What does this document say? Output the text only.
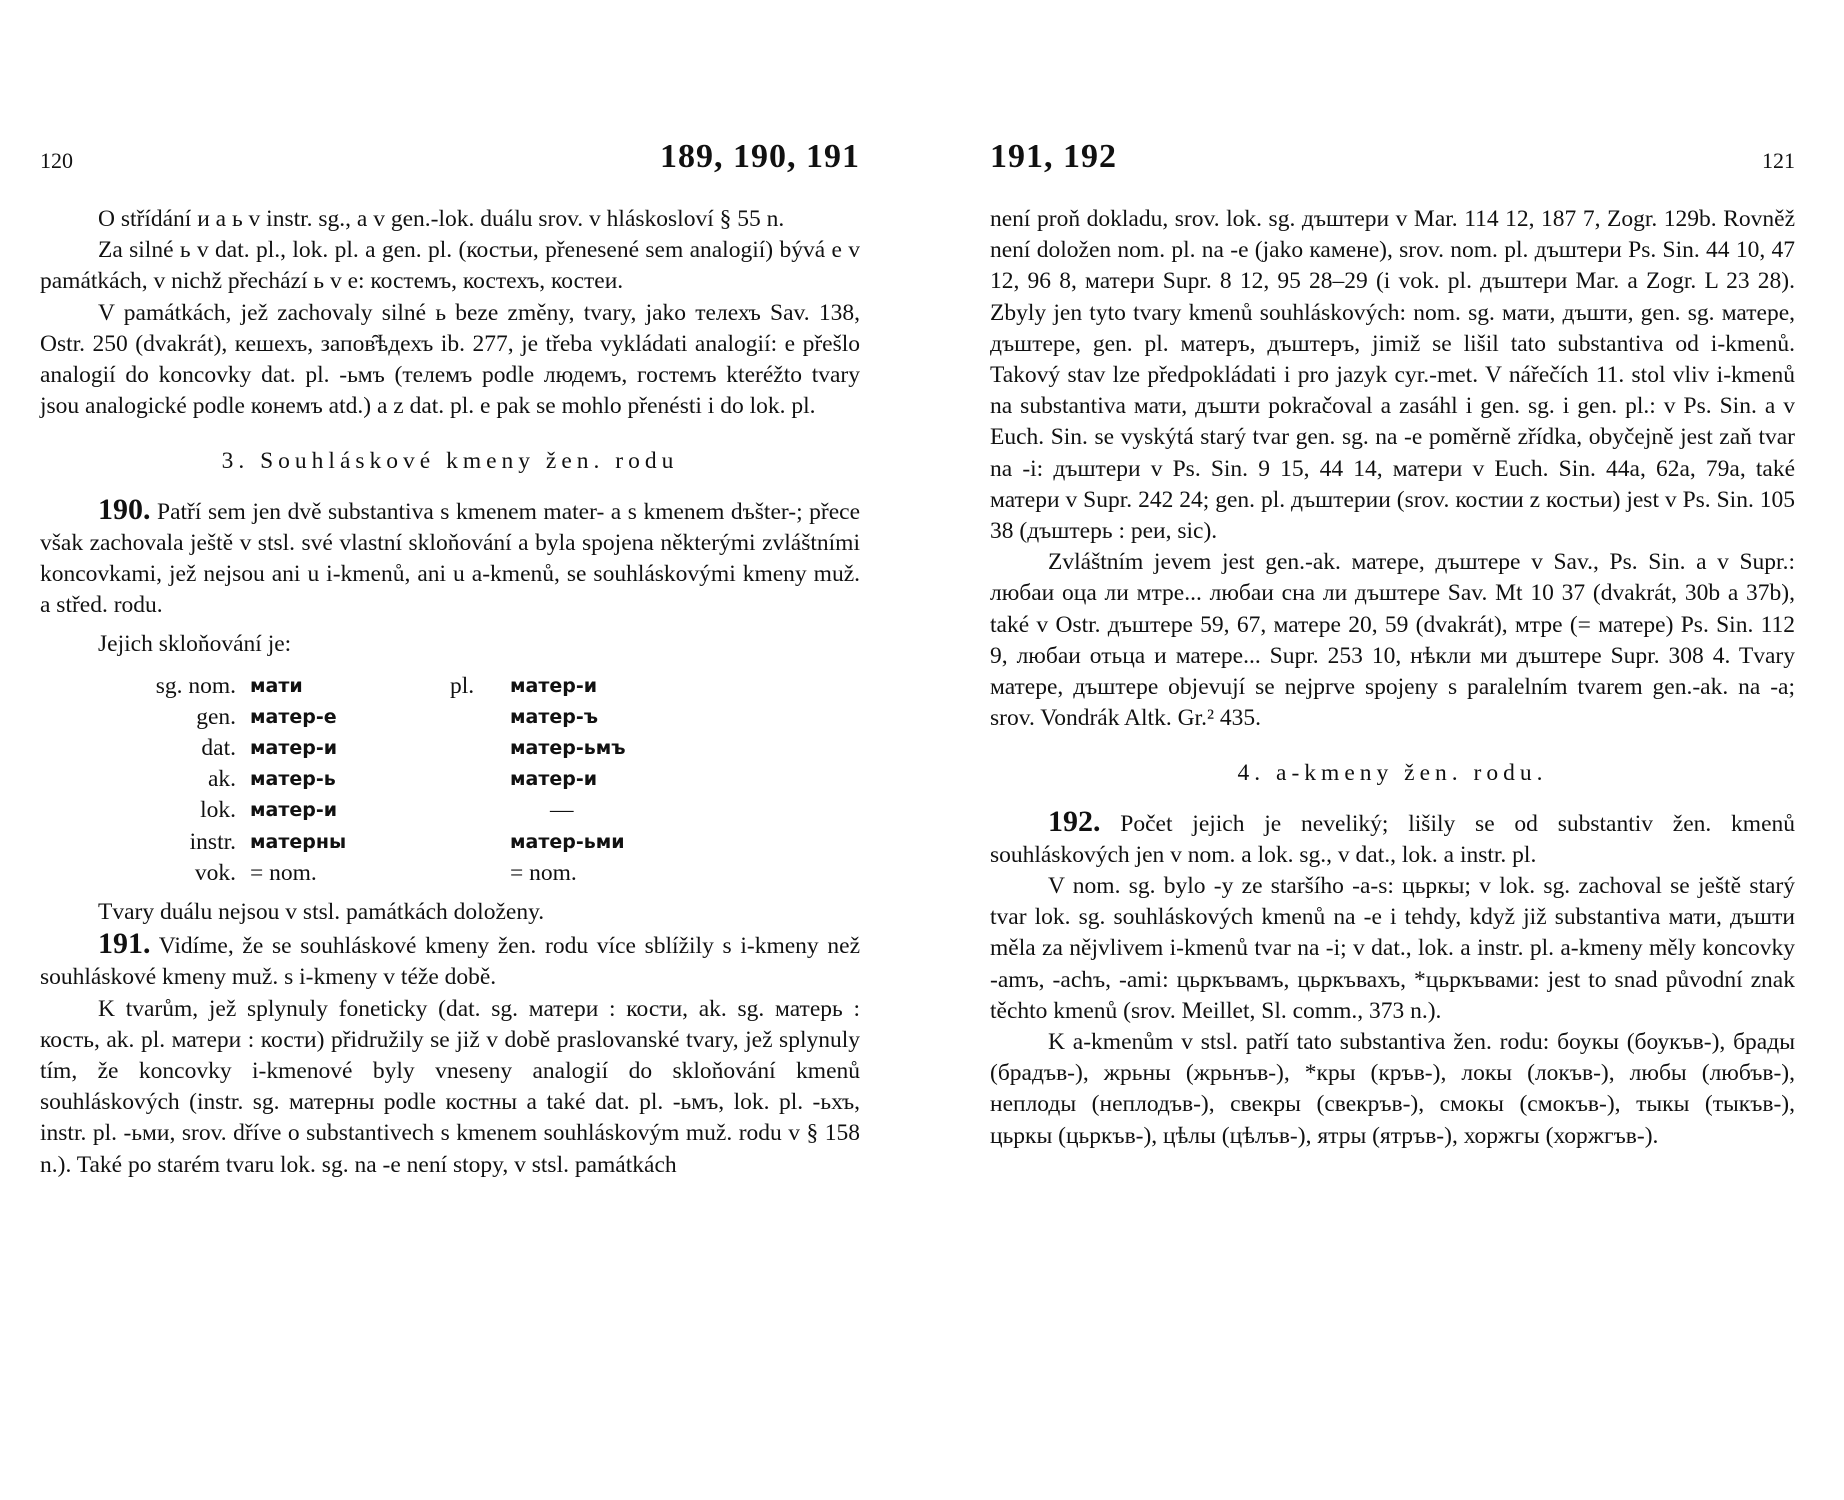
120	189, 190, 191

O střídání и a ь v instr. sg., a v gen.-lok. duálu srov. v hláskosloví § 55 n.

Za silné ь v dat. pl., lok. pl. a gen. pl. (костьи, přenesené sem analogií) bývá e v památkách, v nichž přechází ь v e: костемъ, костехъ, костеи.

V památkách, jež zachovaly silné ь beze změny, tvary, jako телехъ Sav. 138, Ostr. 250 (dvakrát), кешехъ, запов̑ѣдехъ ib. 277, je třeba vykládati analogií: e přešlo analogií do koncovky dat. pl. -ьмъ (телемъ podle людемъ, гостемъ kteréžto tvary jsou analogické podle конемъ atd.) a z dat. pl. e pak se mohlo přenésti i do lok. pl.

3. Souhláskové kmeny žen. rodu

190. Patří sem jen dvě substantiva s kmenem mater- a s kmenem dъšter-; přece však zachovala ještě v stsl. své vlastní skloňování a byla spojena některými zvláštními koncovkami, jež nejsou ani u i-kmenů, ani u a-kmenů, se souhláskovými kmeny muž. a střed. rodu.

Jejich skloňování je:

sg. nom. мати	pl.	матер-и
gen. матер-е	матер-ъ
dat. матер-и	матер-ьмъ
ak. матер-ь	матер-и
lok. матер-и	—
instr. матерны	матер-ьми
vok. = nom.	= nom.

Tvary duálu nejsou v stsl. památkách doloženy.

191. Vidíme, že se souhláskové kmeny žen. rodu více sblížily s i-kmeny než souhláskové kmeny muž. s i-kmeny v téže době.

K tvarům, jež splynuly foneticky (dat. sg. матери : кости, ak. sg. матерь : кость, ak. pl. матери : кости) přidružily se již v době praslovanské tvary, jež splynuly tím, že koncovky i-kmenové byly vneseny analogií do skloňování kmenů souhláskových (instr. sg. матерны podle костны a také dat. pl. -ьмъ, lok. pl. -ьхъ, instr. pl. -ьми, srov. dříve o substantivech s kmenem souhláskovým muž. rodu v § 158 n.). Také po starém tvaru lok. sg. na -e není stopy, v stsl. památkách

191, 192	121

není proň dokladu, srov. lok. sg. дъштери v Mar. 114 12, 187 7, Zogr. 129b. Rovněž není doložen nom. pl. na -e (jako камене), srov. nom. pl. дъштери Ps. Sin. 44 10, 47 12, 96 8, матери Supr. 8 12, 95 28–29 (i vok. pl. дъштери Mar. a Zogr. L 23 28). Zbyly jen tyto tvary kmenů souhláskových: nom. sg. мати, дъшти, gen. sg. матере, дъштере, gen. pl. матеръ, дъштеръ, jimiž se lišil tato substantiva od i-kmenů. Takový stav lze předpokládati i pro jazyk cyr.-met. V nářečích 11. stol vliv i-kmenů na substantiva мати, дъшти pokračoval a zasáhl i gen. sg. i gen. pl.: v Ps. Sin. a v Euch. Sin. se vyskýtá starý tvar gen. sg. na -e poměrně zřídka, obyčejně jest zaň tvar na -i: дъштери v Ps. Sin. 9 15, 44 14, матери v Euch. Sin. 44a, 62a, 79a, také матери v Supr. 242 24; gen. pl. дъштерии (srov. костии z костьи) jest v Ps. Sin. 105 38 (дъштерь : реи, sic).

Zvláštním jevem jest gen.-ak. матере, дъштере v Sav., Ps. Sin. a v Supr.: любаи оца ли мтре... любаи сна ли дъштере Sav. Mt 10 37 (dvakrát, 30b a 37b), také v Ostr. дъштере 59, 67, матере 20, 59 (dvakrát), мтре (= матере) Ps. Sin. 112 9, любаи отьца и матере... Supr. 253 10, нѣкли ми дъштере Supr. 308 4. Tvary матере, дъштере objevují se nejprve spojeny s paralelním tvarem gen.-ak. na -a; srov. Vondrák Altk. Gr.² 435.

4. a-kmeny žen. rodu.

192. Počet jejich je neveliký; lišily se od substantiv žen. kmenů souhláskových jen v nom. a lok. sg., v dat., lok. a instr. pl.

V nom. sg. bylo -y ze staršího -a-s: цьркы; v lok. sg. zachoval se ještě starý tvar lok. sg. souhláskových kmenů na -e i tehdy, když již substantiva мати, дъшти měla za nějvlivem i-kmenů tvar na -i; v dat., lok. a instr. pl. a-kmeny měly koncovky -amъ, -achъ, -ami: цьркъвамъ, цьркъвахъ, *цьркъвами: jest to snad původní znak těchto kmenů (srov. Meillet, Sl. comm., 373 n.).

K a-kmenům v stsl. patří tato substantiva žen. rodu: боукы (боукъв-), брады (брадъв-), жрьны (жрьнъв-), *кры (кръв-), локы (локъв-), любы (любъв-), неплоды (неплодъв-), свекры (свекръв-), смокы (смокъв-), тыкы (тыкъв-), цьркы (цьркъв-), цѣлы (цѣлъв-), ятры (ятръв-), хоржгы (хоржгъв-).
